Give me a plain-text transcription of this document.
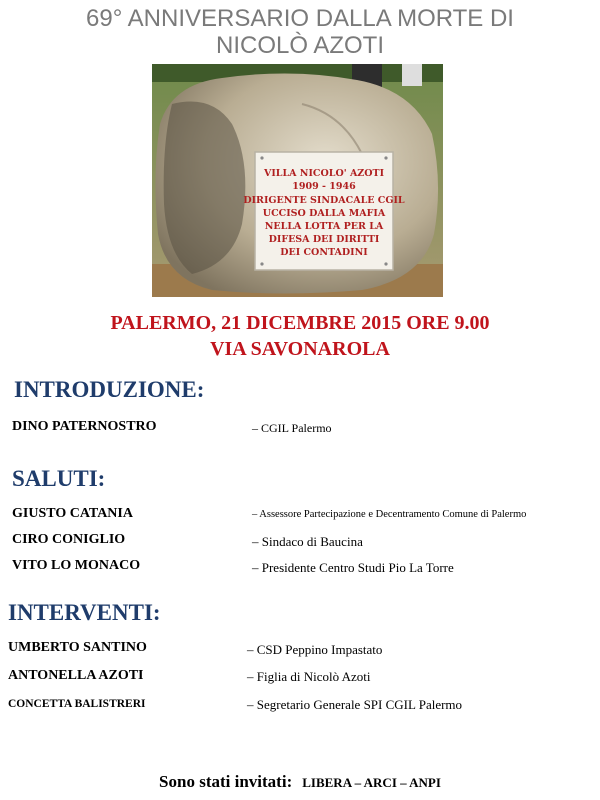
69° ANNIVERSARIO DALLA MORTE DI
NICOLÒ AZOTI
VILLA NICOLO' AZOTI
1909 - 1946
DIRIGENTE SINDACALE CGIL
UCCISO DALLA MAFIA
NELLA LOTTA PER LA
DIFESA DEI DIRITTI
DEI CONTADINI
PALERMO, 21 DICEMBRE 2015 ORE 9.00
VIA SAVONAROLA
INTRODUZIONE:
DINO PATERNOSTRO	– CGIL Palermo
SALUTI:
GIUSTO CATANIA	– Assessore Partecipazione e Decentramento Comune di Palermo
CIRO CONIGLIO	– Sindaco di Baucina
VITO LO MONACO	– Presidente Centro Studi Pio La Torre
INTERVENTI:
UMBERTO SANTINO	– CSD Peppino Impastato
ANTONELLA AZOTI	– Figlia di Nicolò Azoti
CONCETTA BALISTRERI	– Segretario Generale SPI CGIL Palermo
Sono stati invitati: LIBERA – ARCI – ANPI
